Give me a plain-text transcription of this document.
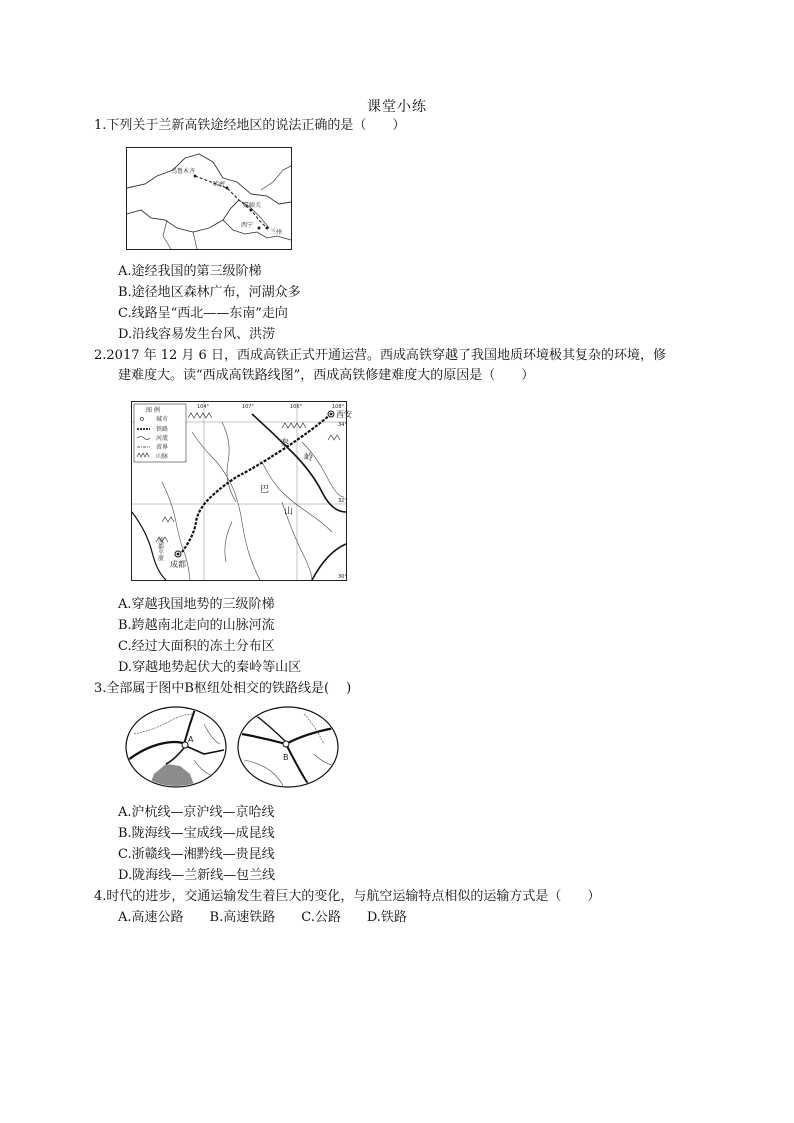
课堂小练
1.下列关于兰新高铁途经地区的说法正确的是（　　）
乌鲁木齐
哈密
嘉峪关
西宁
兰州
A.途经我国的第三级阶梯
B.途径地区森林广布，河湖众多
C.线路呈“西北——东南”走向
D.沿线容易发生台风、洪涝
2.2017 年 12 月 6 日，西成高铁正式开通运营。西成高铁穿越了我国地质环境极其复杂的环境，修
建难度大。读“西成高铁路线图”，西成高铁修建难度大的原因是（　　）
图 例
城市
铁路
河流
省界
山脉
西安
成都
秦
岭
巴
山
成都平原
104°	106°	108°
107°
34°
32°
30°
A.穿越我国地势的三级阶梯
B.跨越南北走向的山脉河流
C.经过大面积的冻土分布区
D.穿越地势起伏大的秦岭等山区
3.全部属于图中B枢纽处相交的铁路线是(　 )
A
B
A.沪杭线—京沪线—京哈线
B.陇海线—宝成线—成昆线
C.浙赣线—湘黔线—贵昆线
D.陇海线—兰新线—包兰线
4.时代的进步，交通运输发生着巨大的变化，与航空运输特点相似的运输方式是（　　）
A.高速公路 B.高速铁路 C.公路 D.铁路
